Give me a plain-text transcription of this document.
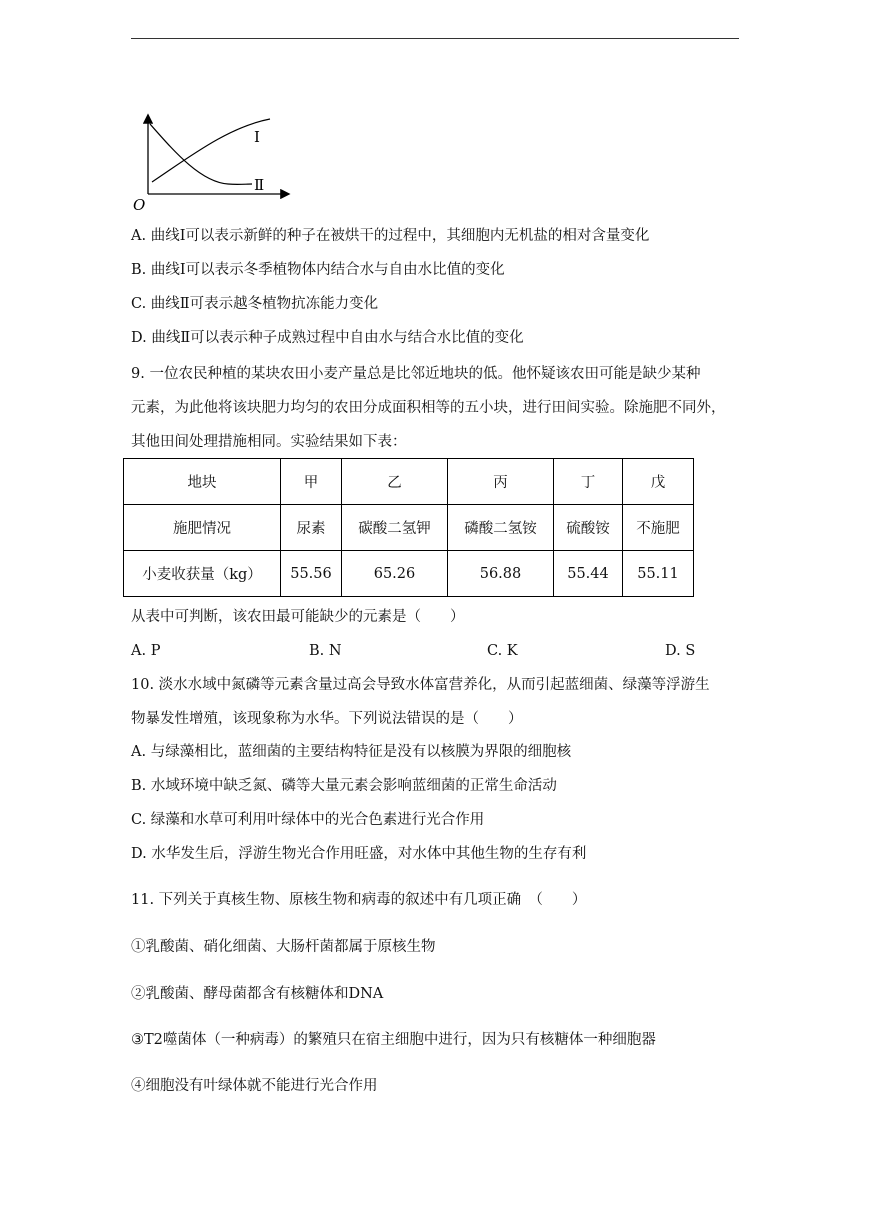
Ⅰ
Ⅱ
O
A. 曲线Ⅰ可以表示新鲜的种子在被烘干的过程中，其细胞内无机盐的相对含量变化
B. 曲线Ⅰ可以表示冬季植物体内结合水与自由水比值的变化
C. 曲线Ⅱ可表示越冬植物抗冻能力变化
D. 曲线Ⅱ可以表示种子成熟过程中自由水与结合水比值的变化
9. 一位农民种植的某块农田小麦产量总是比邻近地块的低。他怀疑该农田可能是缺少某种
元素，为此他将该块肥力均匀的农田分成面积相等的五小块，进行田间实验。除施肥不同外，
其他田间处理措施相同。实验结果如下表：
地块	甲	乙	丙	丁	戊
施肥情况	尿素	碳酸二氢钾	磷酸二氢铵	硫酸铵	不施肥
小麦收获量（kg）	55.56	65.26	56.88	55.44	55.11
从表中可判断，该农田最可能缺少的元素是（　　）
A. P	B. N	C. K	D. S
10. 淡水水域中氮磷等元素含量过高会导致水体富营养化，从而引起蓝细菌、绿藻等浮游生
物暴发性增殖，该现象称为水华。下列说法错误的是（　　）
A. 与绿藻相比，蓝细菌的主要结构特征是没有以核膜为界限的细胞核
B. 水域环境中缺乏氮、磷等大量元素会影响蓝细菌的正常生命活动
C. 绿藻和水草可利用叶绿体中的光合色素进行光合作用
D. 水华发生后，浮游生物光合作用旺盛，对水体中其他生物的生存有利
11. 下列关于真核生物、原核生物和病毒的叙述中有几项正确　（　　）
①乳酸菌、硝化细菌、大肠杆菌都属于原核生物
②乳酸菌、酵母菌都含有核糖体和DNA
③T2噬菌体（一种病毒）的繁殖只在宿主细胞中进行，因为只有核糖体一种细胞器
④细胞没有叶绿体就不能进行光合作用
